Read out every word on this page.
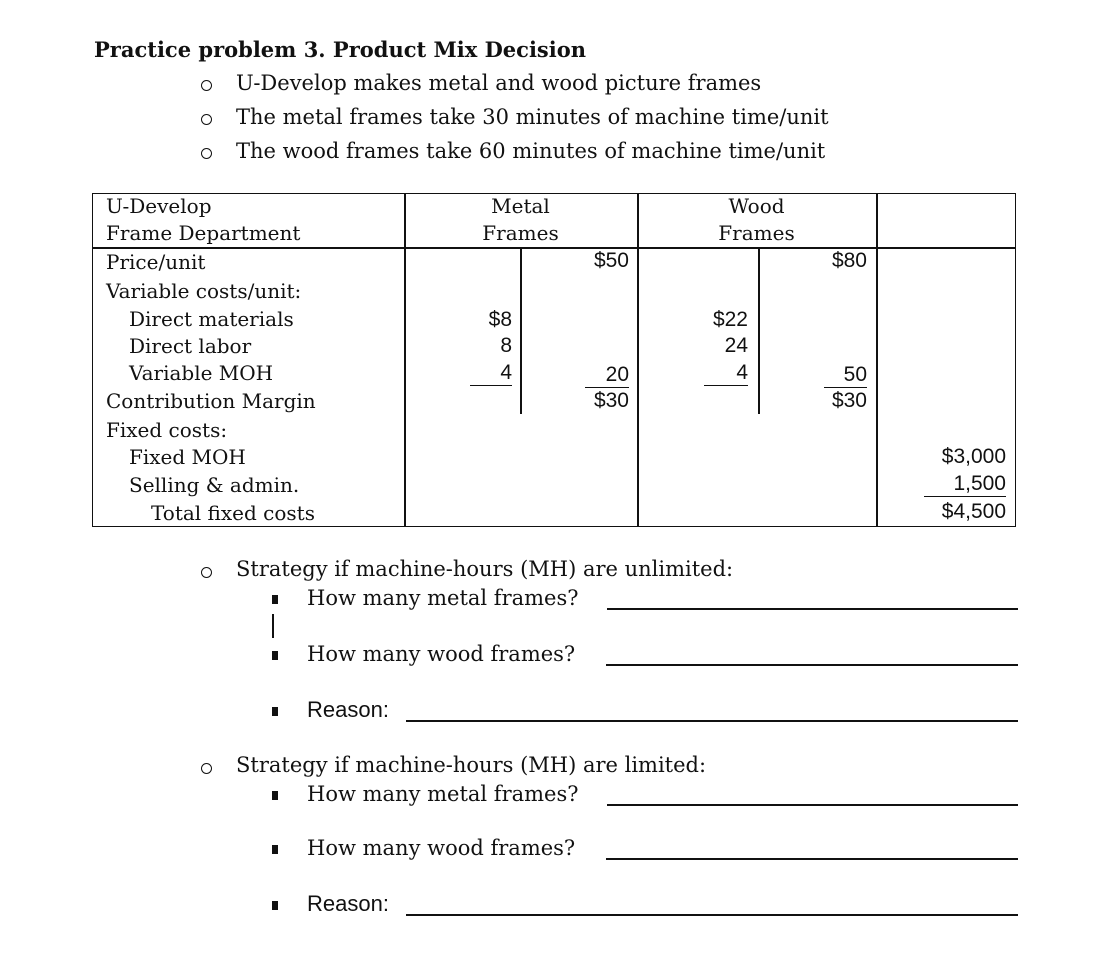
Practice problem 3. Product Mix Decision
U-Develop makes metal and wood picture frames
The metal frames take 30 minutes of machine time/unit
The wood frames take 60 minutes of machine time/unit
U-Develop
Frame Department
Metal
Frames
Wood
Frames
Price/unit
Variable costs/unit:
Direct materials
Direct labor
Variable MOH
Contribution Margin
Fixed costs:
Fixed MOH
Selling & admin.
Total fixed costs
$50
$8
8
4	20
$30
$80
$22
24
4	50
$30
$3,000
1,500
$4,500
Strategy if machine-hours (MH) are unlimited:
How many metal frames?
How many wood frames?
Reason:
Strategy if machine-hours (MH) are limited:
How many metal frames?
How many wood frames?
Reason:
